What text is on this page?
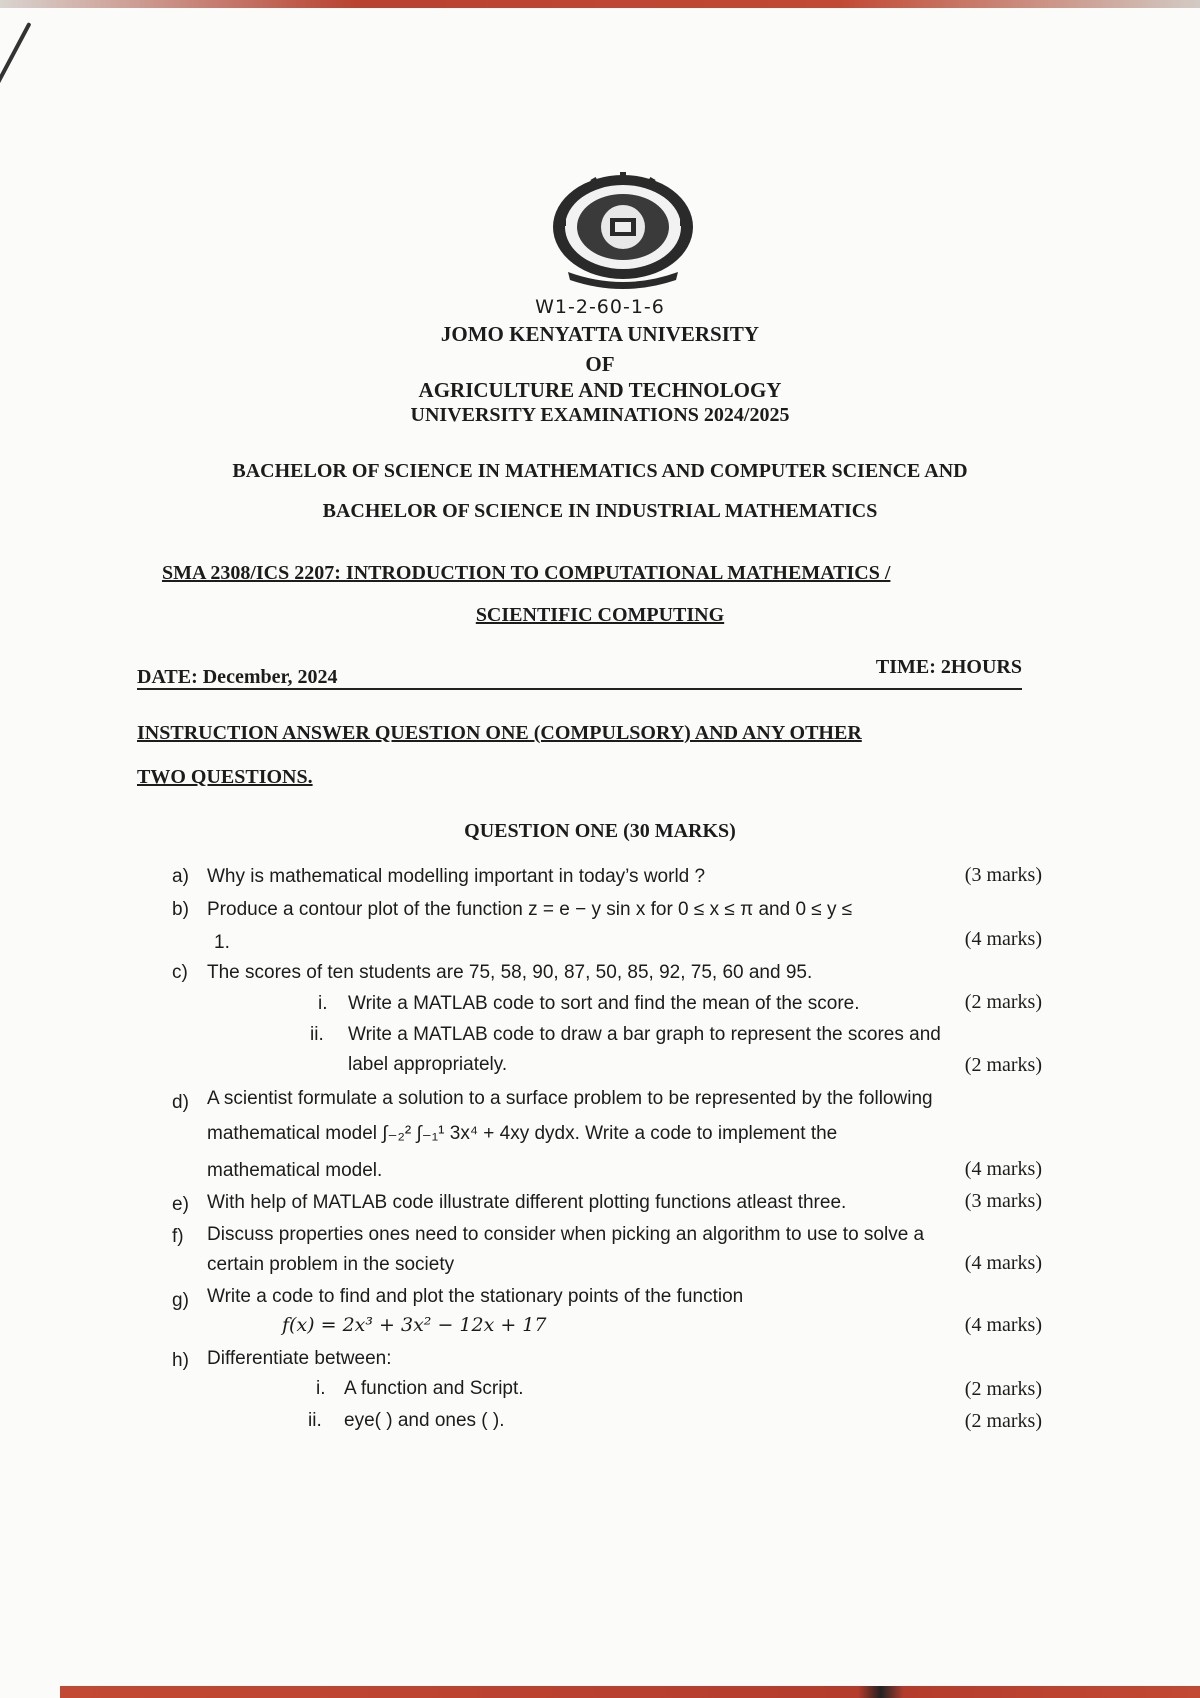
W1-2-60-1-6
JOMO KENYATTA UNIVERSITY
OF
AGRICULTURE AND TECHNOLOGY
UNIVERSITY EXAMINATIONS 2024/2025
BACHELOR OF SCIENCE IN MATHEMATICS AND COMPUTER SCIENCE AND
BACHELOR OF SCIENCE IN INDUSTRIAL MATHEMATICS
SMA 2308/ICS 2207: INTRODUCTION TO COMPUTATIONAL MATHEMATICS /
SCIENTIFIC COMPUTING
DATE: December, 2024	TIME: 2HOURS
INSTRUCTION ANSWER QUESTION ONE (COMPULSORY) AND ANY OTHER
TWO QUESTIONS.
QUESTION ONE (30 MARKS)
a) Why is mathematical modelling important in today’s world ?	(3 marks)
b) Produce a contour plot of the function z = e − y sin x for 0 ≤ x ≤ π and 0 ≤ y ≤
1.	(4 marks)
c) The scores of ten students are 75, 58, 90, 87, 50, 85, 92, 75, 60 and 95.
i. Write a MATLAB code to sort and find the mean of the score.	(2 marks)
ii. Write a MATLAB code to draw a bar graph to represent the scores and
label appropriately.	(2 marks)
d) A scientist formulate a solution to a surface problem to be represented by the following
mathematical model ∫₋₂² ∫₋₁¹ 3x⁴ + 4xy dydx. Write a code to implement the
mathematical model.	(4 marks)
e) With help of MATLAB code illustrate different plotting functions atleast three.	(3 marks)
f) Discuss properties ones need to consider when picking an algorithm to use to solve a
certain problem in the society	(4 marks)
g) Write a code to find and plot the stationary points of the function
f(x) = 2x³ + 3x² − 12x + 17	(4 marks)
h) Differentiate between:
i. A function and Script.	(2 marks)
ii. eye( ) and ones ( ).	(2 marks)
